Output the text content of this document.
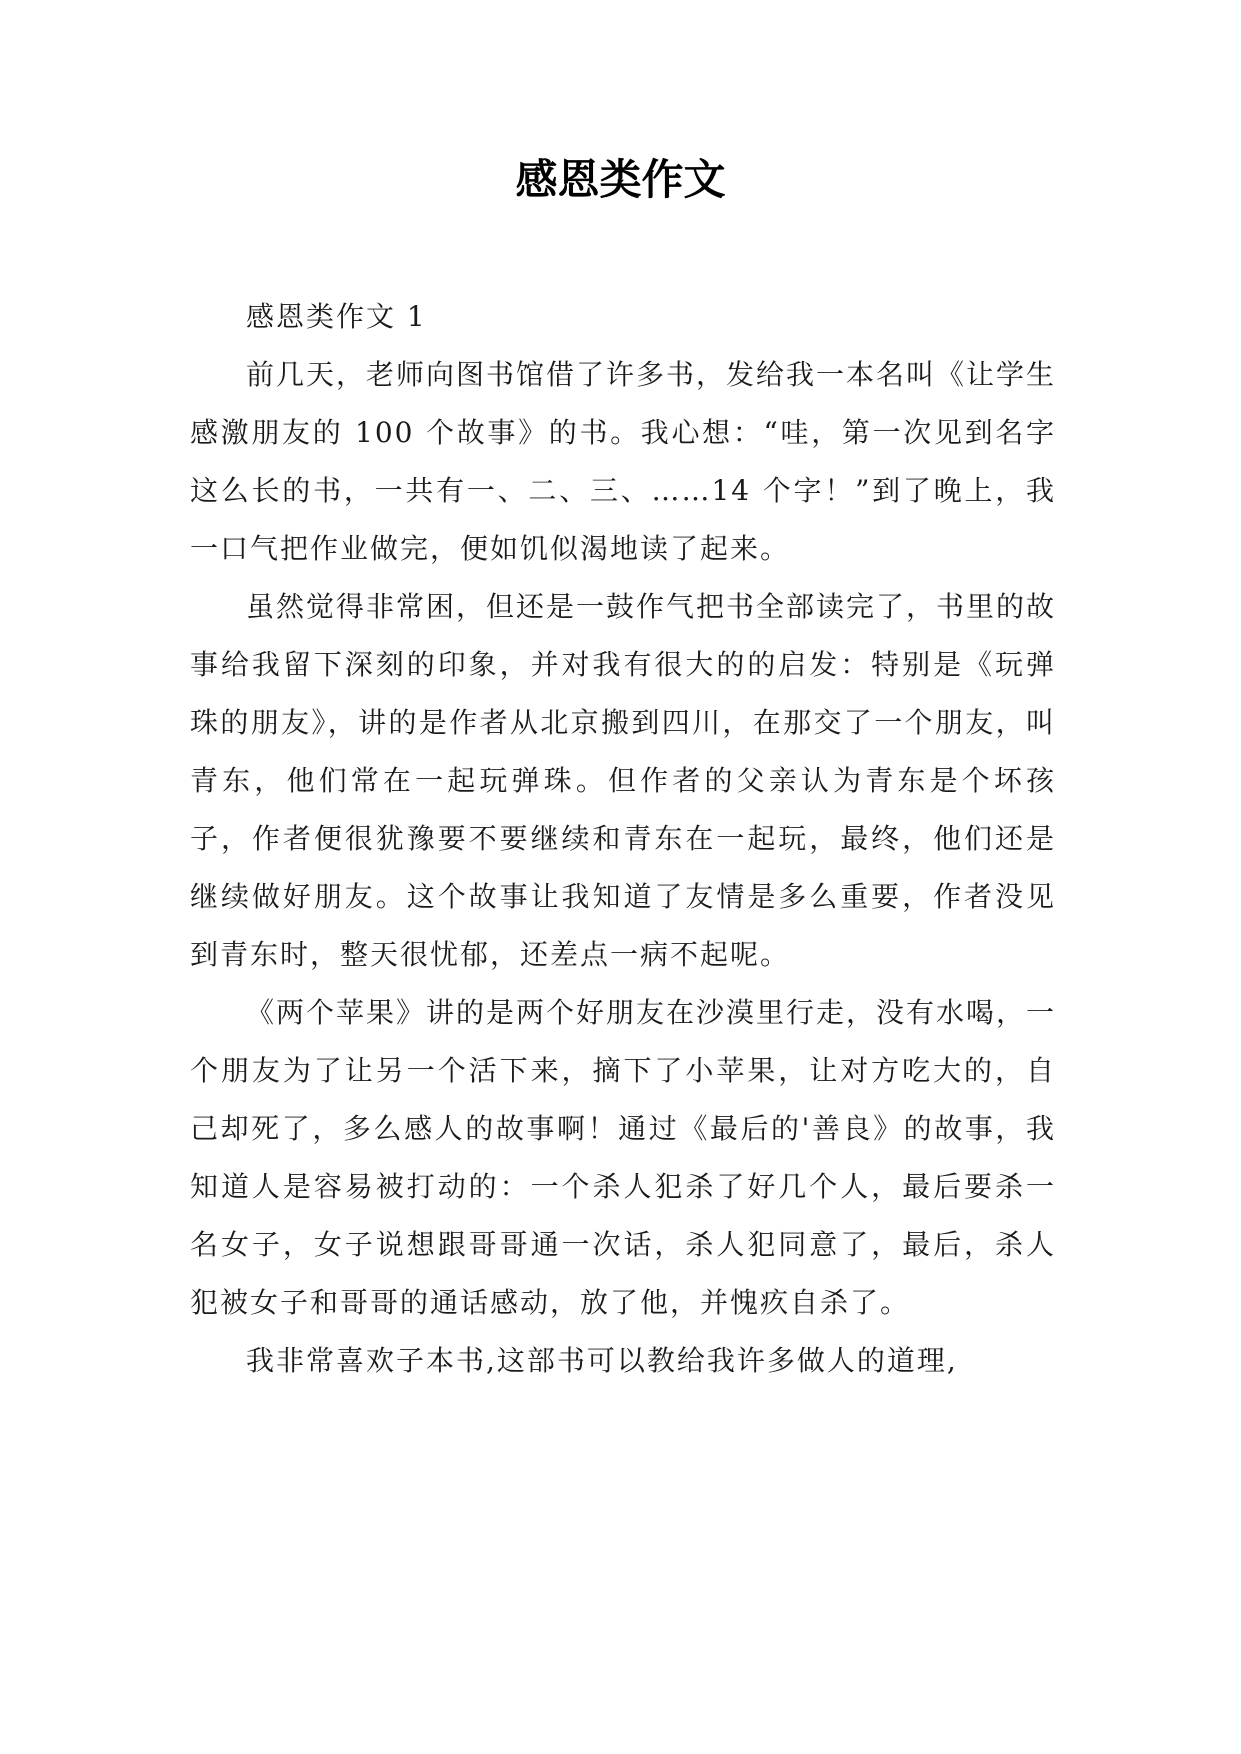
感恩类作文

感恩类作文 1

前几天，老师向图书馆借了许多书，发给我一本名叫《让学生感激朋友的 100 个故事》的书。我心想：“哇，第一次见到名字这么长的书，一共有一、二、三、……14 个字！”到了晚上，我一口气把作业做完，便如饥似渴地读了起来。

虽然觉得非常困，但还是一鼓作气把书全部读完了，书里的故事给我留下深刻的印象，并对我有很大的的启发：特别是《玩弹珠的朋友》，讲的是作者从北京搬到四川，在那交了一个朋友，叫青东，他们常在一起玩弹珠。但作者的父亲认为青东是个坏孩子，作者便很犹豫要不要继续和青东在一起玩，最终，他们还是继续做好朋友。这个故事让我知道了友情是多么重要，作者没见到青东时，整天很忧郁，还差点一病不起呢。

《两个苹果》讲的是两个好朋友在沙漠里行走，没有水喝，一个朋友为了让另一个活下来，摘下了小苹果，让对方吃大的，自己却死了，多么感人的故事啊！通过《最后的'善良》的故事，我知道人是容易被打动的：一个杀人犯杀了好几个人，最后要杀一名女子，女子说想跟哥哥通一次话，杀人犯同意了，最后，杀人犯被女子和哥哥的通话感动，放了他，并愧疚自杀了。

我非常喜欢子本书,这部书可以教给我许多做人的道理,
